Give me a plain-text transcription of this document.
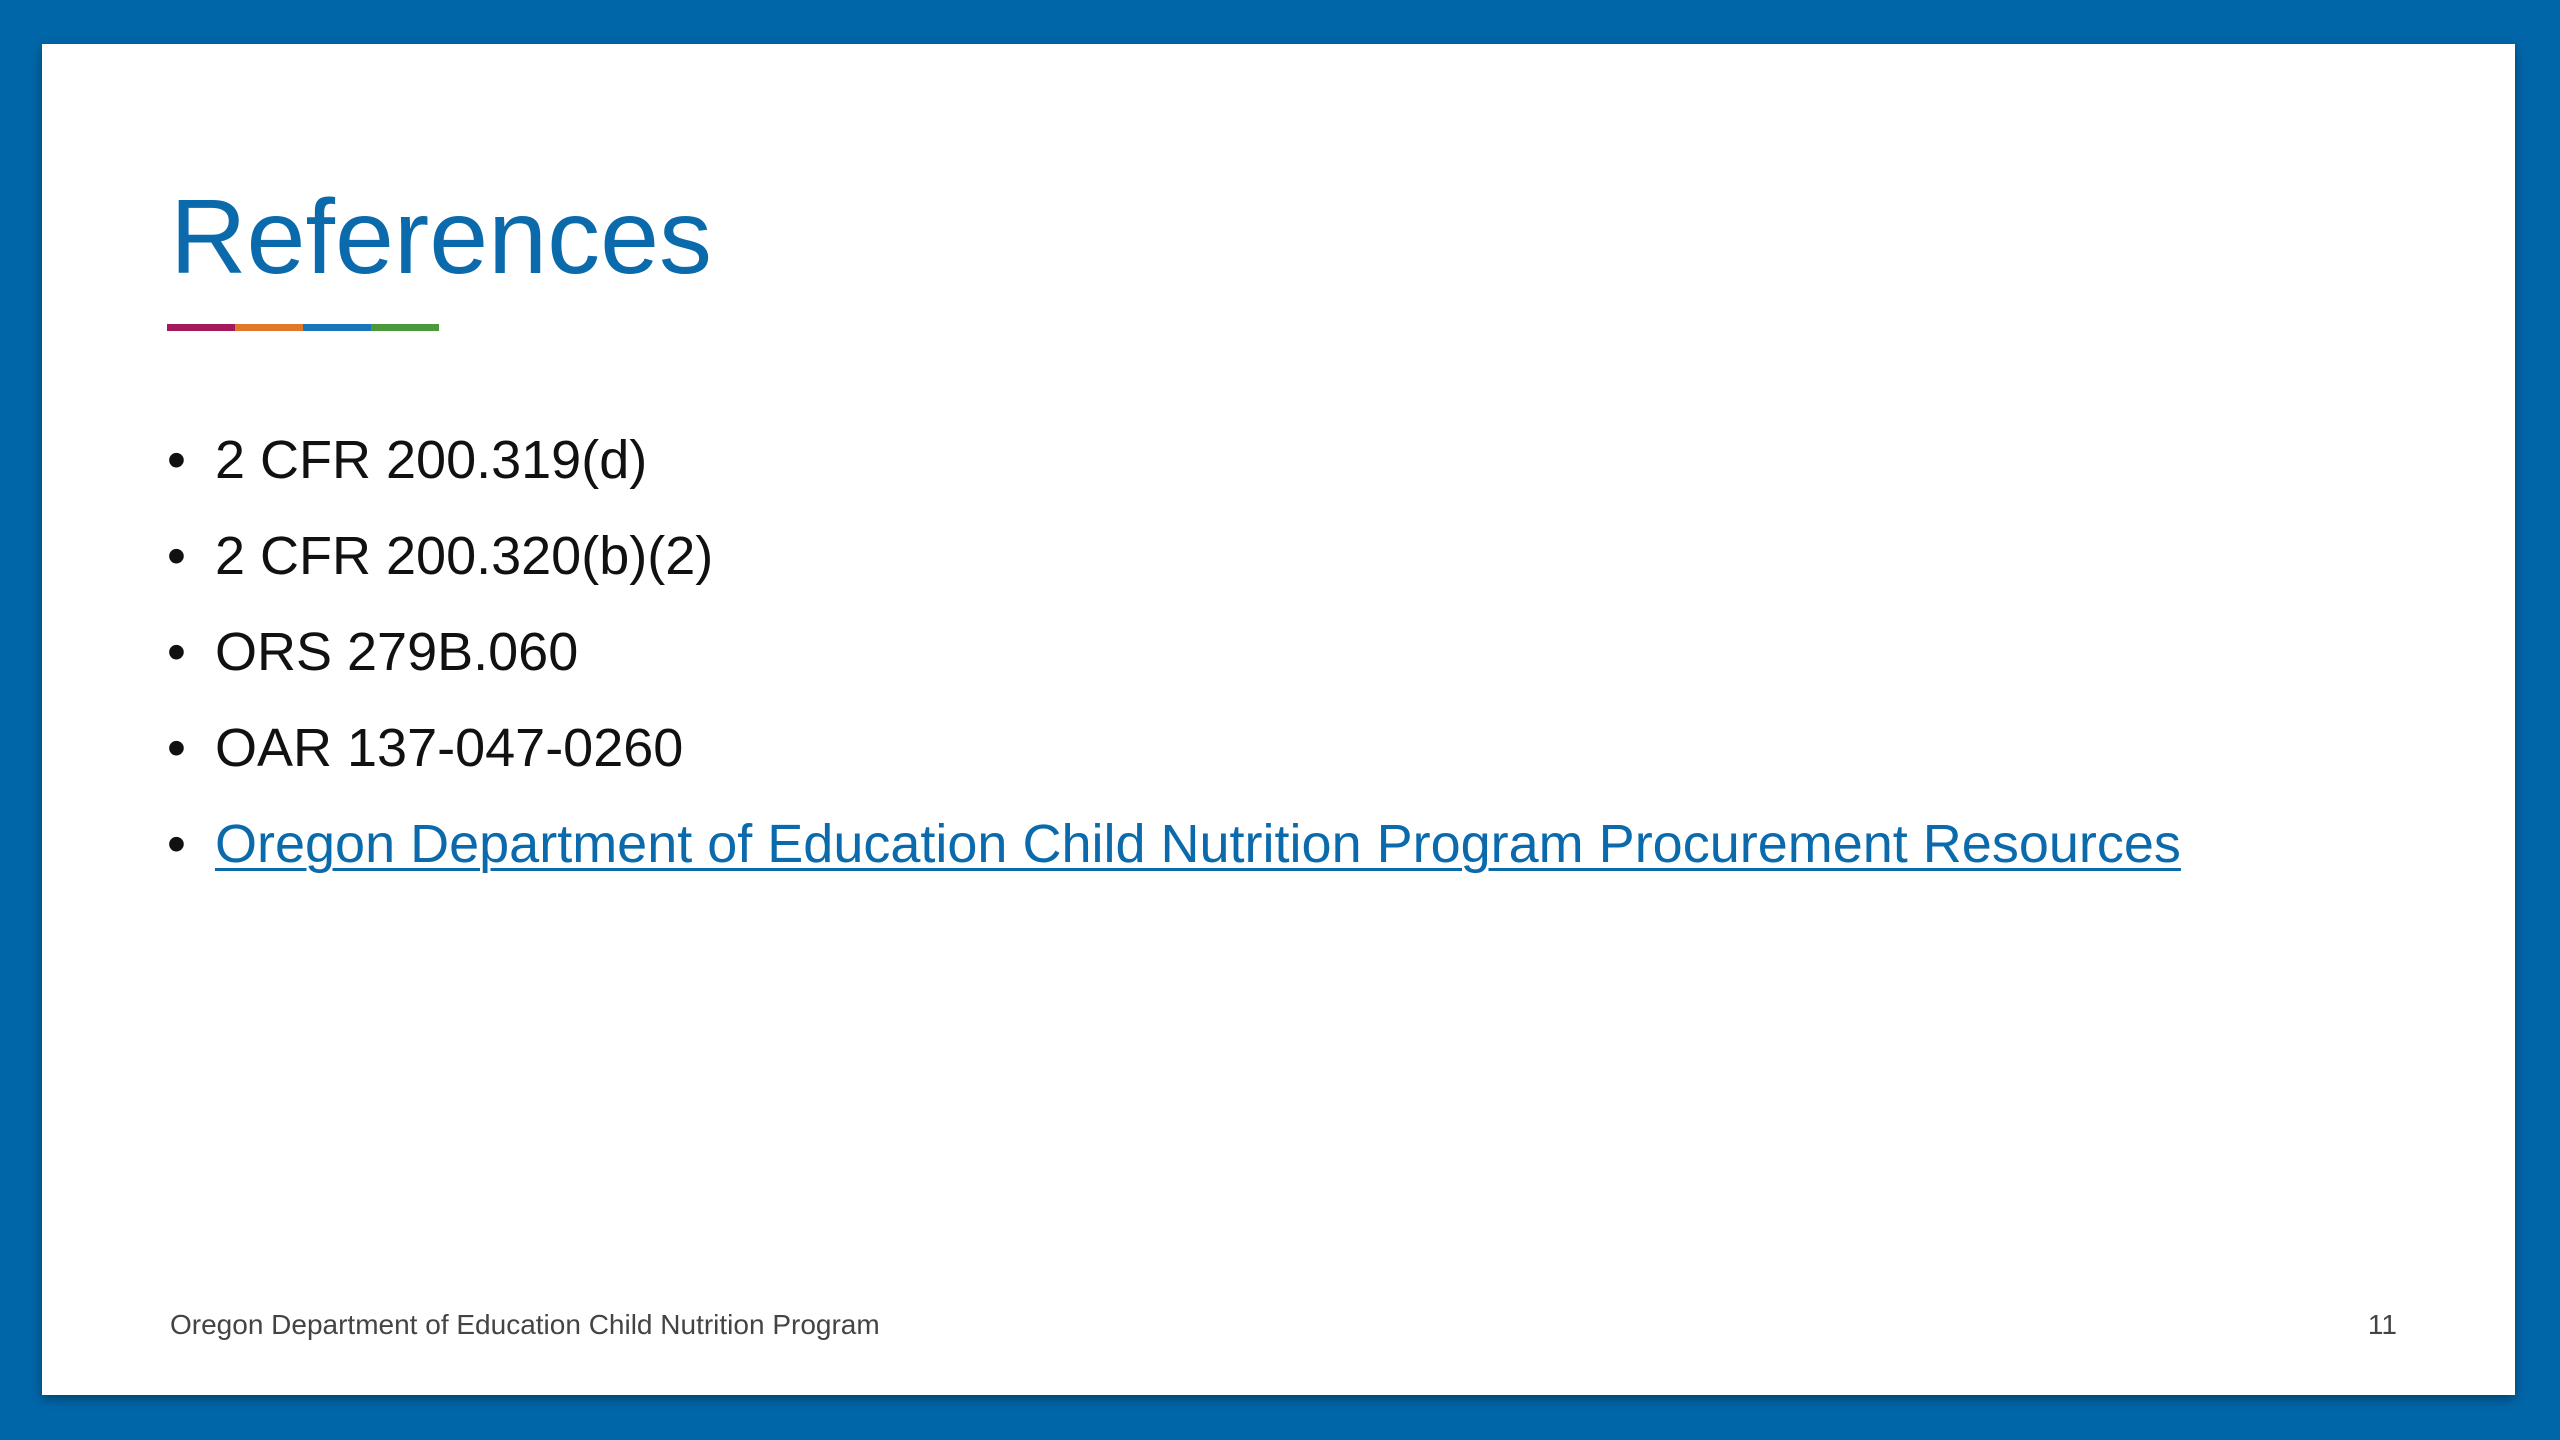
References
• 2 CFR 200.319(d)
• 2 CFR 200.320(b)(2)
• ORS 279B.060
• OAR 137-047-0260
• Oregon Department of Education Child Nutrition Program Procurement Resources
Oregon Department of Education Child Nutrition Program	11
